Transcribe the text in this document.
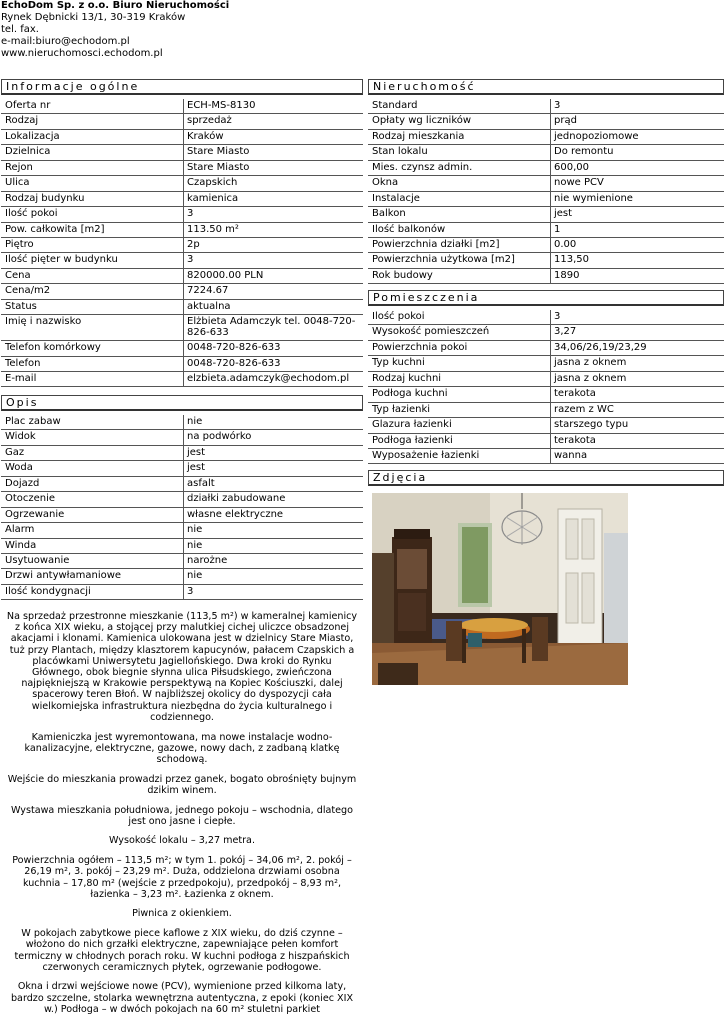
EchoDom Sp. z o.o. Biuro Nieruchomości
Rynek Dębnicki 13/1, 30-319 Kraków
tel. fax.
e-mail:biuro@echodom.pl
www.nieruchomosci.echodom.pl
Informacje ogólne
Oferta nr	ECH-MS-8130
Rodzaj	sprzedaż
Lokalizacja	Kraków
Dzielnica	Stare Miasto
Rejon	Stare Miasto
Ulica	Czapskich
Rodzaj budynku	kamienica
Ilość pokoi	3
Pow. całkowita [m2]	113.50 m²
Piętro	2p
Ilość pięter w budynku	3
Cena	820000.00 PLN
Cena/m2	7224.67
Status	aktualna
Imię i nazwisko	Elżbieta Adamczyk tel. 0048-720-826-633
Telefon komórkowy	0048-720-826-633
Telefon	0048-720-826-633
E-mail	elzbieta.adamczyk@echodom.pl
Opis
Plac zabaw	nie
Widok	na podwórko
Gaz	jest
Woda	jest
Dojazd	asfalt
Otoczenie	działki zabudowane
Ogrzewanie	własne elektryczne
Alarm	nie
Winda	nie
Usytuowanie	narożne
Drzwi antywłamaniowe	nie
Ilość kondygnacji	3
Nieruchomość
Standard	3
Opłaty wg liczników	prąd
Rodzaj mieszkania	jednopoziomowe
Stan lokalu	Do remontu
Mies. czynsz admin.	600,00
Okna	nowe PCV
Instalacje	nie wymienione
Balkon	jest
Ilość balkonów	1
Powierzchnia działki [m2]	0.00
Powierzchnia użytkowa [m2]	113,50
Rok budowy	1890
Pomieszczenia
Ilość pokoi	3
Wysokość pomieszczeń	3,27
Powierzchnia pokoi	34,06/26,19/23,29
Typ kuchni	jasna z oknem
Rodzaj kuchni	jasna z oknem
Podłoga kuchni	terakota
Typ łazienki	razem z WC
Glazura łazienki	starszego typu
Podłoga łazienki	terakota
Wyposażenie łazienki	wanna
Zdjęcia

Na sprzedaż przestronne mieszkanie (113,5 m²) w kameralnej kamienicy z końca XIX wieku, a stojącej przy malutkiej cichej uliczce obsadzonej akacjami i klonami. Kamienica ulokowana jest w dzielnicy Stare Miasto, tuż przy Plantach, między klasztorem kapucynów, pałacem Czapskich a placówkami Uniwersytetu Jagiellońskiego. Dwa kroki do Rynku Głównego, obok biegnie słynna ulica Piłsudskiego, zwieńczona najpiękniejszą w Krakowie perspektywą na Kopiec Kościuszki, dalej spacerowy teren Błoń. W najbliższej okolicy do dyspozycji cała wielkomiejska infrastruktura niezbędna do życia kulturalnego i codziennego.

Kamieniczka jest wyremontowana, ma nowe instalacje wodno-kanalizacyjne, elektryczne, gazowe, nowy dach, z zadbaną klatkę schodową.

Wejście do mieszkania prowadzi przez ganek, bogato obrośnięty bujnym dzikim winem.

Wystawa mieszkania południowa, jednego pokoju – wschodnia, dlatego jest ono jasne i ciepłe.

Wysokość lokalu – 3,27 metra.

Powierzchnia ogółem – 113,5 m²; w tym 1. pokój – 34,06 m², 2. pokój – 26,19 m², 3. pokój – 23,29 m². Duża, oddzielona drzwiami osobna kuchnia – 17,80 m² (wejście z przedpokoju), przedpokój – 8,93 m², łazienka – 3,23 m². Łazienka z oknem.

Piwnica z okienkiem.

W pokojach zabytkowe piece kaflowe z XIX wieku, do dziś czynne – włożono do nich grzałki elektryczne, zapewniające pełen komfort termiczny w chłodnych porach roku. W kuchni podłoga z hiszpańskich czerwonych ceramicznych płytek, ogrzewanie podłogowe.

Okna i drzwi wejściowe nowe (PCV), wymienione przed kilkoma laty, bardzo szczelne, stolarka wewnętrzna autentyczna, z epoki (koniec XIX w.) Podłoga – w dwóch pokojach na 60 m² stuletni parkiet
